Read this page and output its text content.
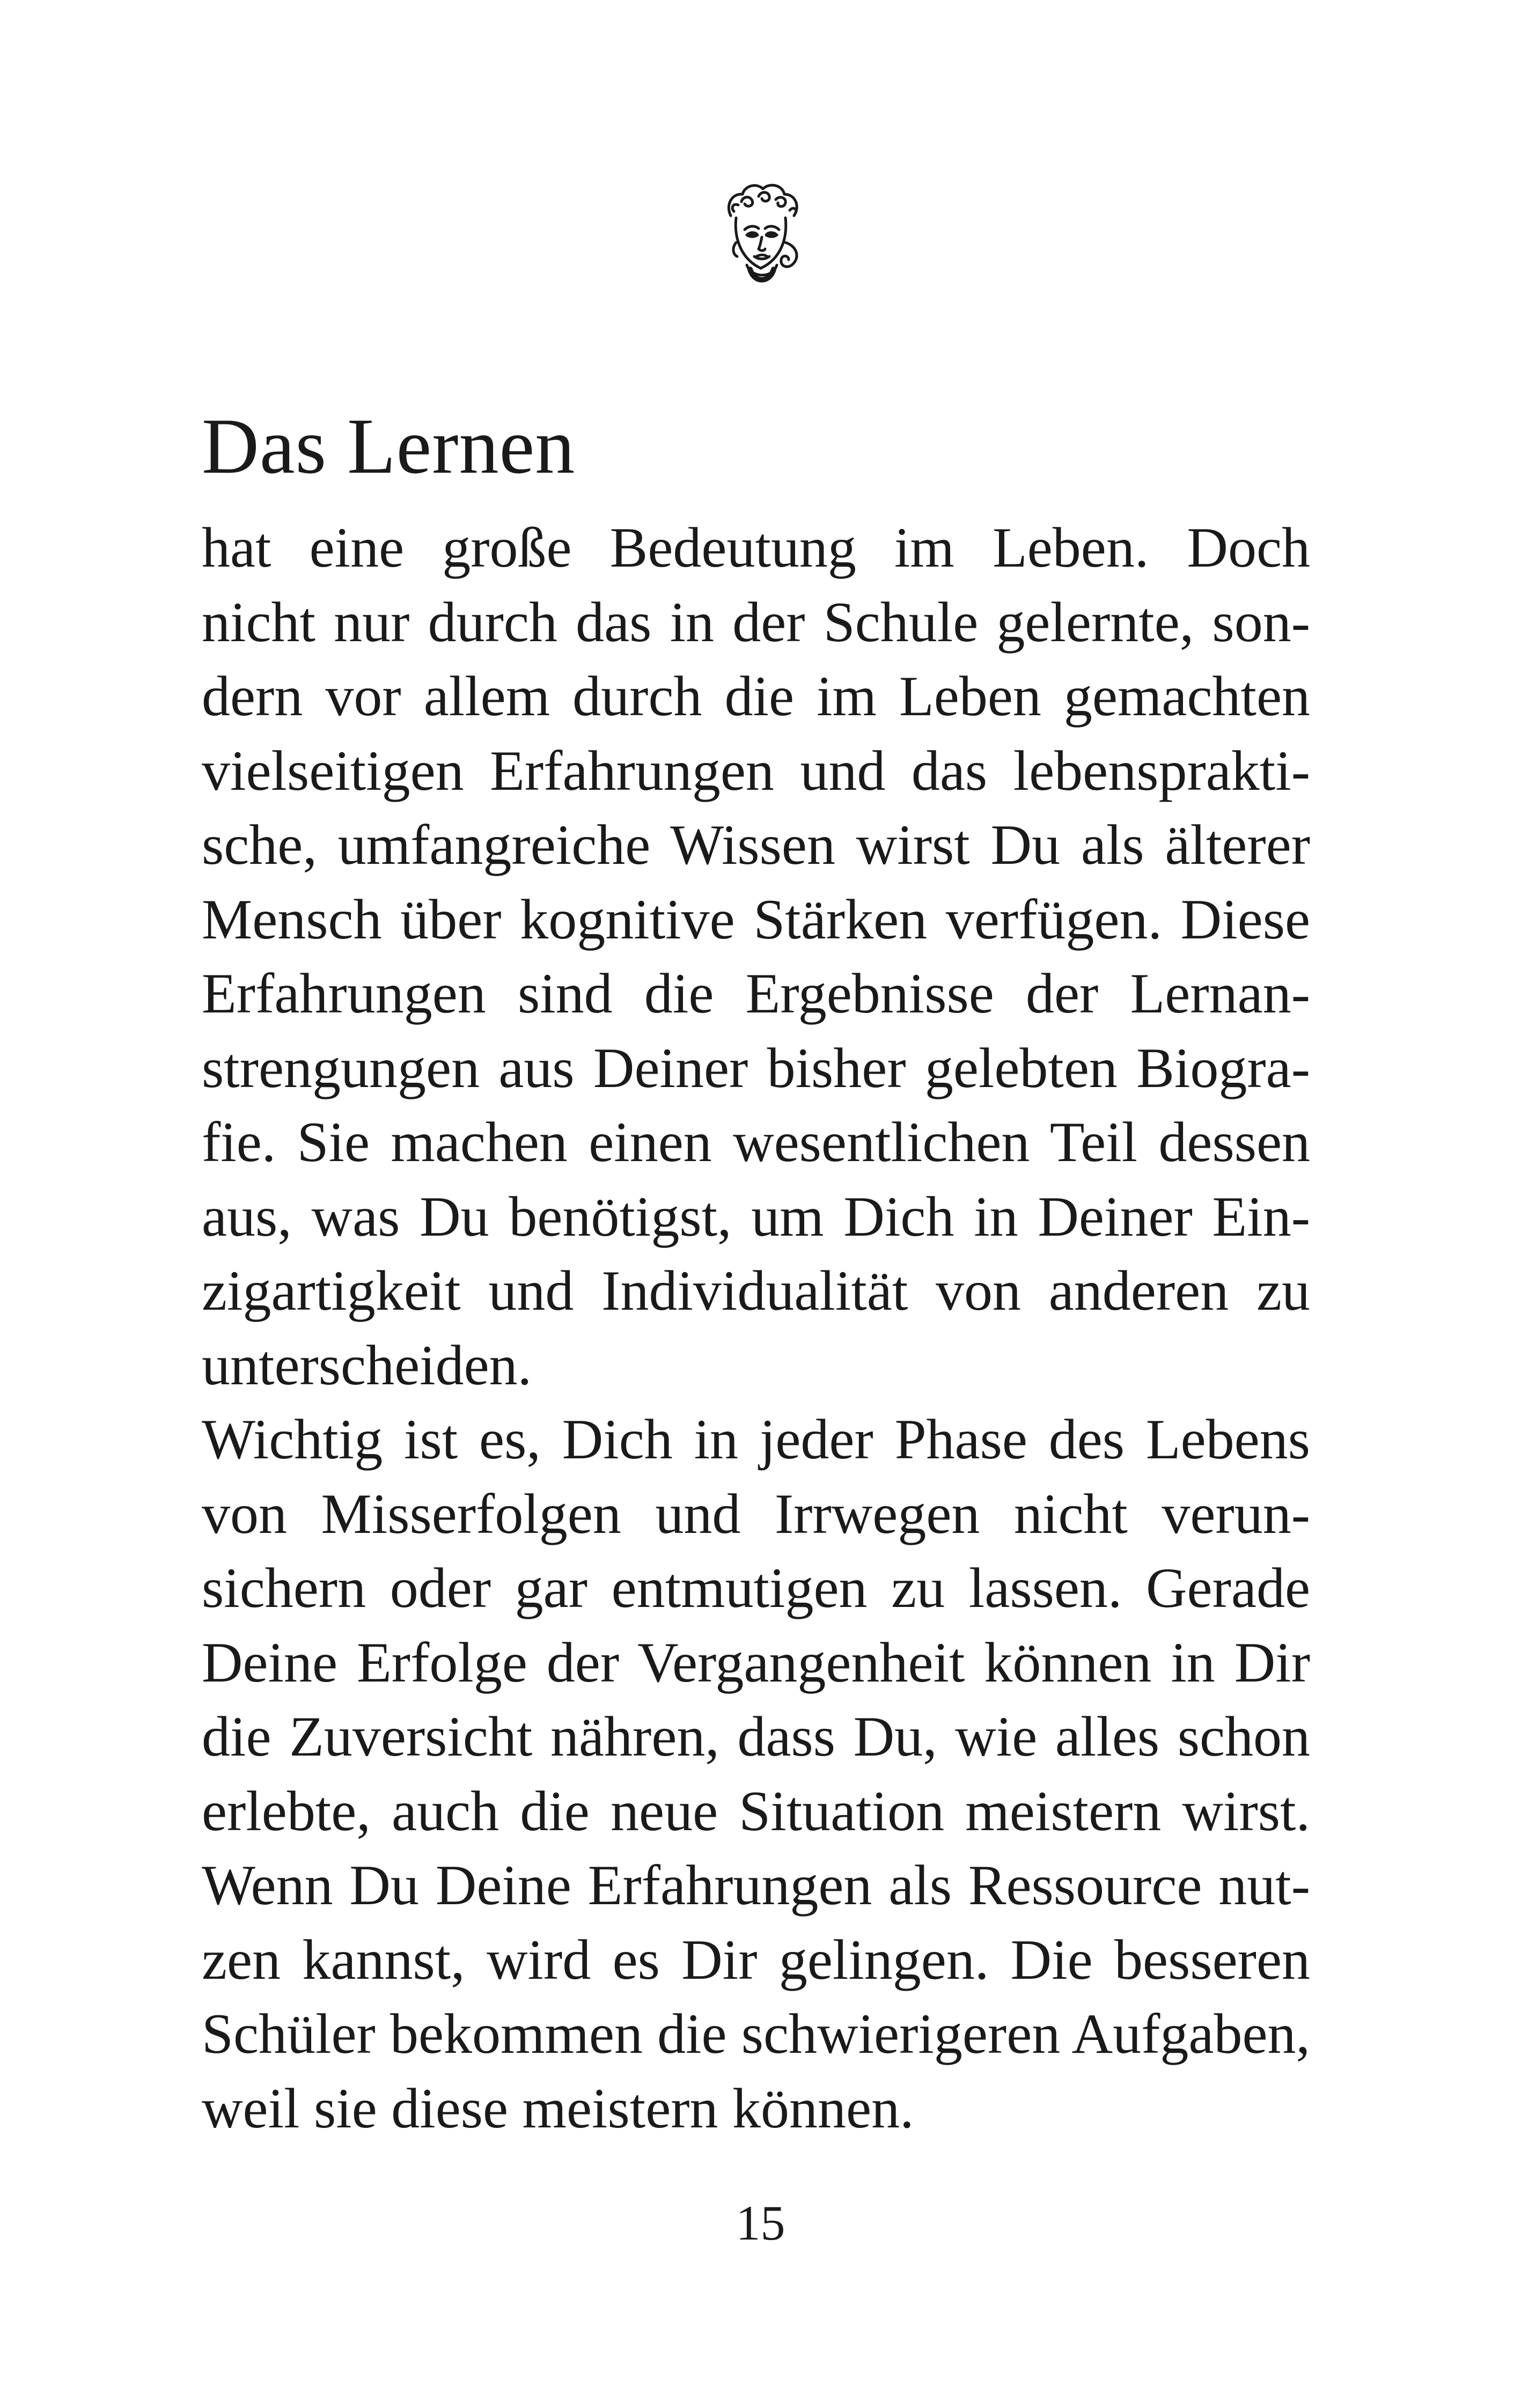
Das Lernen
hat eine große Bedeutung im Leben. Doch
nicht nur durch das in der Schule gelernte, son-
dern vor allem durch die im Leben gemachten
vielseitigen Erfahrungen und das lebensprakti-
sche, umfangreiche Wissen wirst Du als älterer
Mensch über kognitive Stärken verfügen. Diese
Erfahrungen sind die Ergebnisse der Lernan-
strengungen aus Deiner bisher gelebten Biogra-
fie. Sie machen einen wesentlichen Teil dessen
aus, was Du benötigst, um Dich in Deiner Ein-
zigartigkeit und Individualität von anderen zu
unterscheiden.
Wichtig ist es, Dich in jeder Phase des Lebens
von Misserfolgen und Irrwegen nicht verun-
sichern oder gar entmutigen zu lassen. Gerade
Deine Erfolge der Vergangenheit können in Dir
die Zuversicht nähren, dass Du, wie alles schon
erlebte, auch die neue Situation meistern wirst.
Wenn Du Deine Erfahrungen als Ressource nut-
zen kannst, wird es Dir gelingen. Die besseren
Schüler bekommen die schwierigeren Aufgaben,
weil sie diese meistern können.
15
